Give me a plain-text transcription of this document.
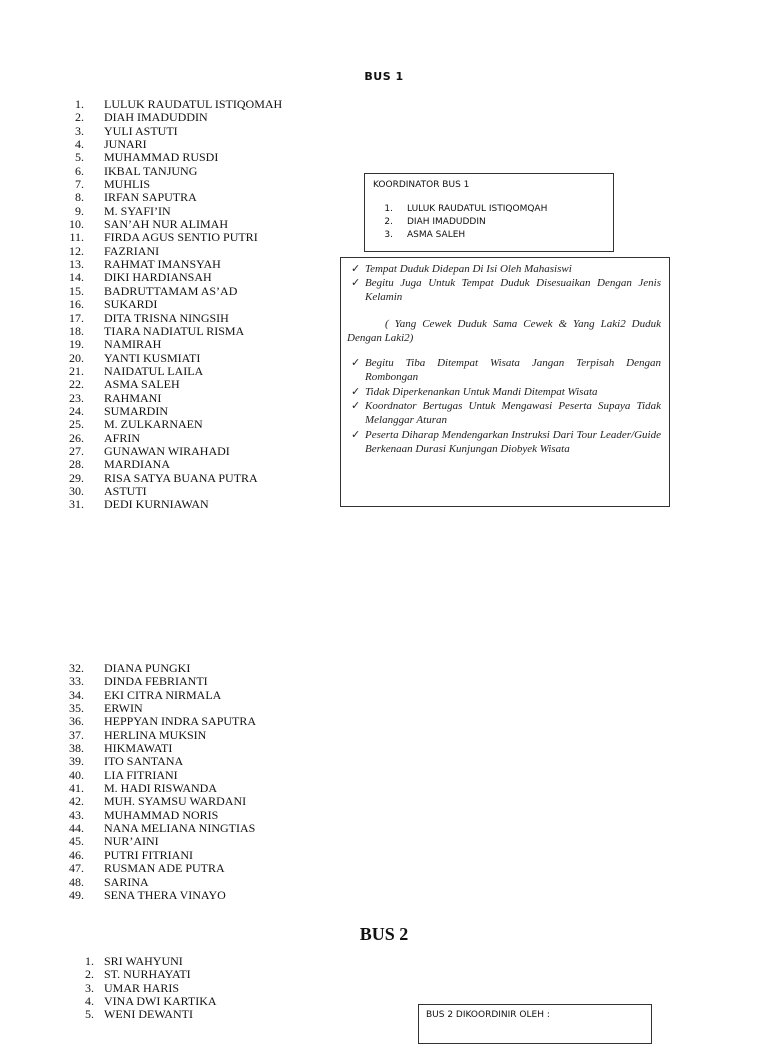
BUS 1
1. LULUK RAUDATUL ISTIQOMAH
2. DIAH IMADUDDIN
3. YULI ASTUTI
4. JUNARI
5. MUHAMMAD RUSDI
6. IKBAL TANJUNG
7. MUHLIS
8. IRFAN SAPUTRA
9. M. SYAFI’IN
10. SAN’AH NUR ALIMAH
11. FIRDA AGUS SENTIO PUTRI
12. FAZRIANI
13. RAHMAT IMANSYAH
14. DIKI HARDIANSAH
15. BADRUTTAMAM AS’AD
16. SUKARDI
17. DITA TRISNA NINGSIH
18. TIARA NADIATUL RISMA
19. NAMIRAH
20. YANTI KUSMIATI
21. NAIDATUL LAILA
22. ASMA SALEH
23. RAHMANI
24. SUMARDIN
25. M. ZULKARNAEN
26. AFRIN
27. GUNAWAN WIRAHADI
28. MARDIANA
29. RISA SATYA BUANA PUTRA
30. ASTUTI
31. DEDI KURNIAWAN
32. DIANA PUNGKI
33. DINDA FEBRIANTI
34. EKI CITRA NIRMALA
35. ERWIN
36. HEPPYAN INDRA SAPUTRA
37. HERLINA MUKSIN
38. HIKMAWATI
39. ITO SANTANA
40. LIA FITRIANI
41. M. HADI RISWANDA
42. MUH. SYAMSU WARDANI
43. MUHAMMAD NORIS
44. NANA MELIANA NINGTIAS
45. NUR’AINI
46. PUTRI FITRIANI
47. RUSMAN ADE PUTRA
48. SARINA
49. SENA THERA VINAYO
KOORDINATOR BUS 1
1. LULUK RAUDATUL ISTIQOMQAH
2. DIAH IMADUDDIN
3. ASMA SALEH
✓ Tempat Duduk Didepan Di Isi Oleh Mahasiswi
✓ Begitu Juga Untuk Tempat Duduk Disesuaikan Dengan Jenis Kelamin
( Yang Cewek Duduk Sama Cewek & Yang Laki2 Duduk Dengan Laki2)
✓ Begitu Tiba Ditempat Wisata Jangan Terpisah Dengan Rombongan
✓ Tidak Diperkenankan Untuk Mandi Ditempat Wisata
✓ Koordnator Bertugas Untuk Mengawasi Peserta Supaya Tidak Melanggar Aturan
✓ Peserta Diharap Mendengarkan Instruksi Dari Tour Leader/Guide Berkenaan Durasi Kunjungan Diobyek Wisata
BUS 2
1. SRI WAHYUNI
2. ST. NURHAYATI
3. UMAR HARIS
4. VINA DWI KARTIKA
5. WENI DEWANTI	BUS 2 DIKOORDINIR OLEH :
